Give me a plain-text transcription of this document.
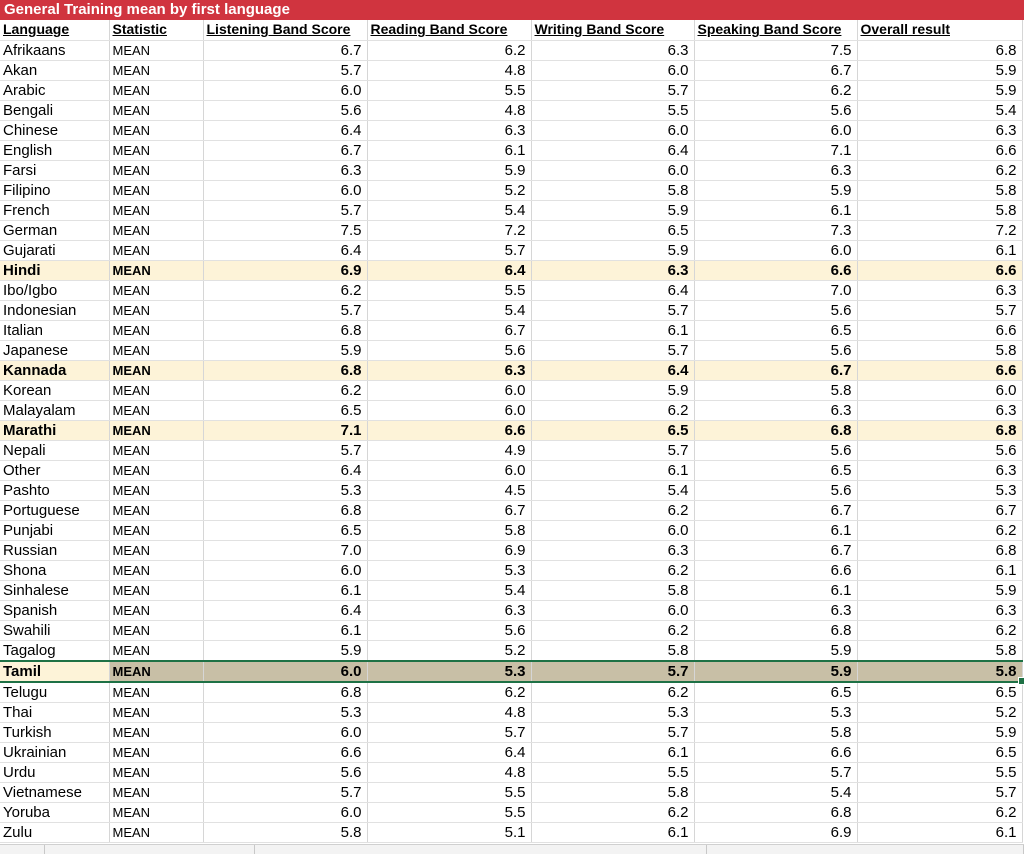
General Training mean by first language
Language	Statistic	Listening Band Score	Reading Band Score	Writing Band Score	Speaking Band Score	Overall result
Afrikaans	MEAN	6.7	6.2	6.3	7.5	6.8
Akan	MEAN	5.7	4.8	6.0	6.7	5.9
Arabic	MEAN	6.0	5.5	5.7	6.2	5.9
Bengali	MEAN	5.6	4.8	5.5	5.6	5.4
Chinese	MEAN	6.4	6.3	6.0	6.0	6.3
English	MEAN	6.7	6.1	6.4	7.1	6.6
Farsi	MEAN	6.3	5.9	6.0	6.3	6.2
Filipino	MEAN	6.0	5.2	5.8	5.9	5.8
French	MEAN	5.7	5.4	5.9	6.1	5.8
German	MEAN	7.5	7.2	6.5	7.3	7.2
Gujarati	MEAN	6.4	5.7	5.9	6.0	6.1
Hindi	MEAN	6.9	6.4	6.3	6.6	6.6
Ibo/Igbo	MEAN	6.2	5.5	6.4	7.0	6.3
Indonesian	MEAN	5.7	5.4	5.7	5.6	5.7
Italian	MEAN	6.8	6.7	6.1	6.5	6.6
Japanese	MEAN	5.9	5.6	5.7	5.6	5.8
Kannada	MEAN	6.8	6.3	6.4	6.7	6.6
Korean	MEAN	6.2	6.0	5.9	5.8	6.0
Malayalam	MEAN	6.5	6.0	6.2	6.3	6.3
Marathi	MEAN	7.1	6.6	6.5	6.8	6.8
Nepali	MEAN	5.7	4.9	5.7	5.6	5.6
Other	MEAN	6.4	6.0	6.1	6.5	6.3
Pashto	MEAN	5.3	4.5	5.4	5.6	5.3
Portuguese	MEAN	6.8	6.7	6.2	6.7	6.7
Punjabi	MEAN	6.5	5.8	6.0	6.1	6.2
Russian	MEAN	7.0	6.9	6.3	6.7	6.8
Shona	MEAN	6.0	5.3	6.2	6.6	6.1
Sinhalese	MEAN	6.1	5.4	5.8	6.1	5.9
Spanish	MEAN	6.4	6.3	6.0	6.3	6.3
Swahili	MEAN	6.1	5.6	6.2	6.8	6.2
Tagalog	MEAN	5.9	5.2	5.8	5.9	5.8
Tamil	MEAN	6.0	5.3	5.7	5.9	5.8
Telugu	MEAN	6.8	6.2	6.2	6.5	6.5
Thai	MEAN	5.3	4.8	5.3	5.3	5.2
Turkish	MEAN	6.0	5.7	5.7	5.8	5.9
Ukrainian	MEAN	6.6	6.4	6.1	6.6	6.5
Urdu	MEAN	5.6	4.8	5.5	5.7	5.5
Vietnamese	MEAN	5.7	5.5	5.8	5.4	5.7
Yoruba	MEAN	6.0	5.5	6.2	6.8	6.2
Zulu	MEAN	5.8	5.1	6.1	6.9	6.1
